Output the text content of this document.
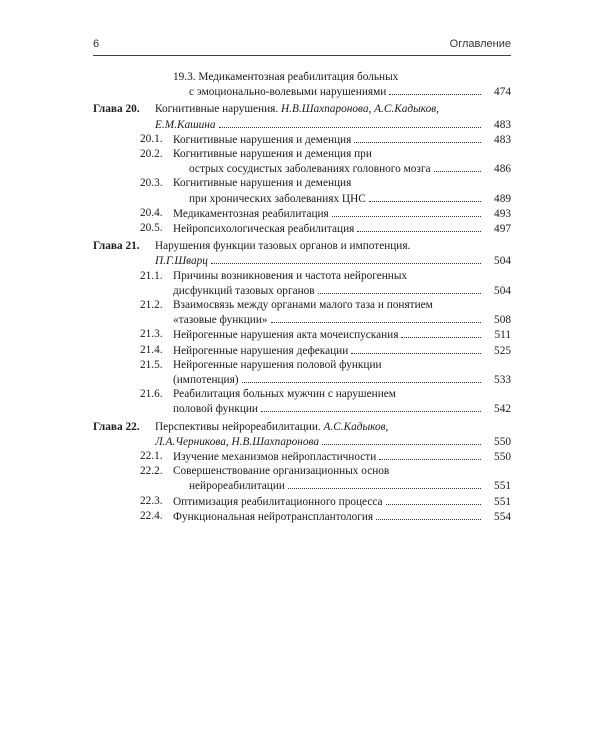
6	Оглавление
19.3. Медикаментозная реабилитация больных
с эмоционально-волевыми нарушениями	474
Глава 20. Когнитивные нарушения. Н.В.Шахпаронова, А.С.Кадыков,
Е.М.Кашина	483
20.1. Когнитивные нарушения и деменция	483
20.2. Когнитивные нарушения и деменция при
острых сосудистых заболеваниях головного мозга	486
20.3. Когнитивные нарушения и деменция
при хронических заболеваниях ЦНС	489
20.4. Медикаментозная реабилитация	493
20.5. Нейропсихологическая реабилитация	497
Глава 21. Нарушения функции тазовых органов и импотенция.
П.Г.Шварц	504
21.1. Причины возникновения и частота нейрогенных
дисфункций тазовых органов	504
21.2. Взаимосвязь между органами малого таза и понятием
«тазовые функции»	508
21.3. Нейрогенные нарушения акта мочеиспускания	511
21.4. Нейрогенные нарушения дефекации	525
21.5. Нейрогенные нарушения половой функции
(импотенция)	533
21.6. Реабилитация больных мужчин с нарушением
половой функции	542
Глава 22. Перспективы нейрореабилитации. А.С.Кадыков,
Л.А.Черникова, Н.В.Шахпаронова	550
22.1. Изучение механизмов нейропластичности	550
22.2. Совершенствование организационных основ
нейрореабилитации	551
22.3. Оптимизация реабилитационного процесса	551
22.4. Функциональная нейротрансплантология	554
